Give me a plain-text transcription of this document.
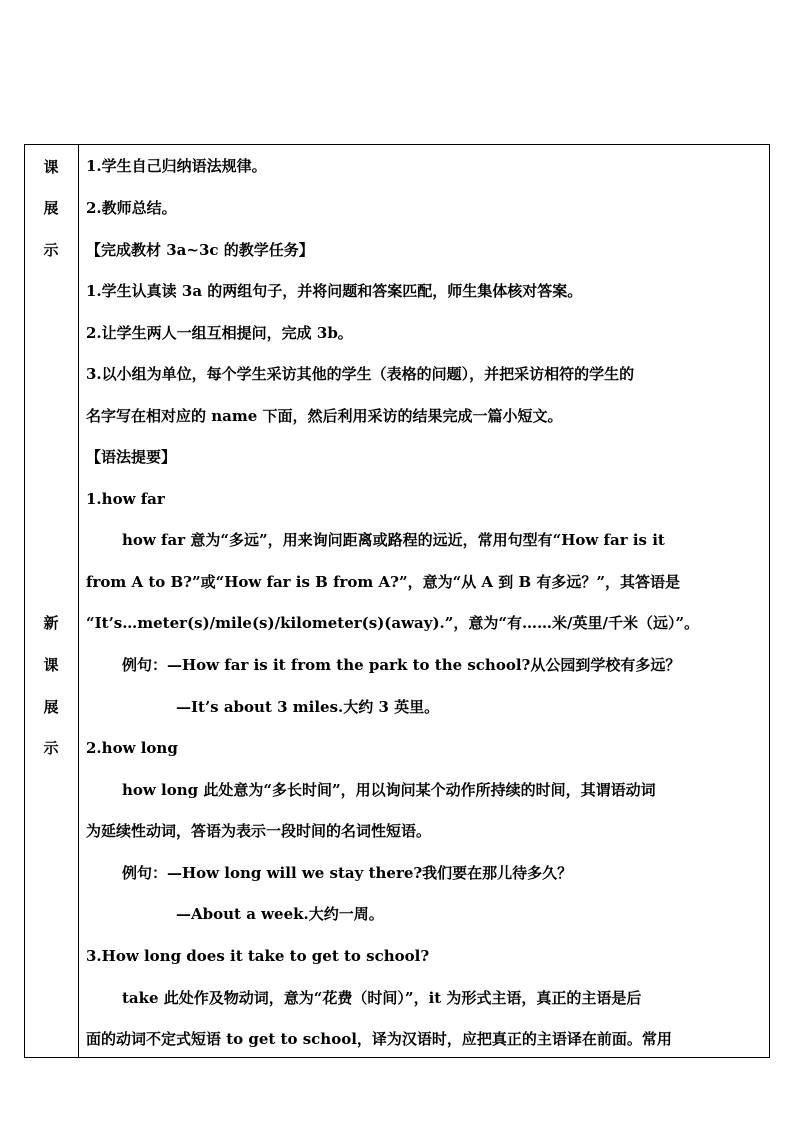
课
展
示
新
课
展
示
1.学生自己归纳语法规律。
2.教师总结。
【完成教材 3a~3c 的教学任务】
1.学生认真读 3a 的两组句子，并将问题和答案匹配，师生集体核对答案。
2.让学生两人一组互相提问，完成 3b。
3.以小组为单位，每个学生采访其他的学生（表格的问题），并把采访相符的学生的
名字写在相对应的 name 下面，然后利用采访的结果完成一篇小短文。
【语法提要】
1.how far
how far 意为“多远”，用来询问距离或路程的远近，常用句型有“How far is it
from A to B?”或“How far is B from A?”，意为“从 A 到 B 有多远？”，其答语是
“It’s…meter(s)/mile(s)/kilometer(s)(away).”，意为“有……米/英里/千米（远）”。
例句：—How far is it from the park to the school?从公园到学校有多远？
—It’s about 3 miles.大约 3 英里。
2.how long
how long 此处意为“多长时间”，用以询问某个动作所持续的时间，其谓语动词
为延续性动词，答语为表示一段时间的名词性短语。
例句：—How long will we stay there?我们要在那儿待多久？
—About a week.大约一周。
3.How long does it take to get to school?
take 此处作及物动词，意为“花费（时间）”，it 为形式主语，真正的主语是后
面的动词不定式短语 to get to school，译为汉语时，应把真正的主语译在前面。常用
